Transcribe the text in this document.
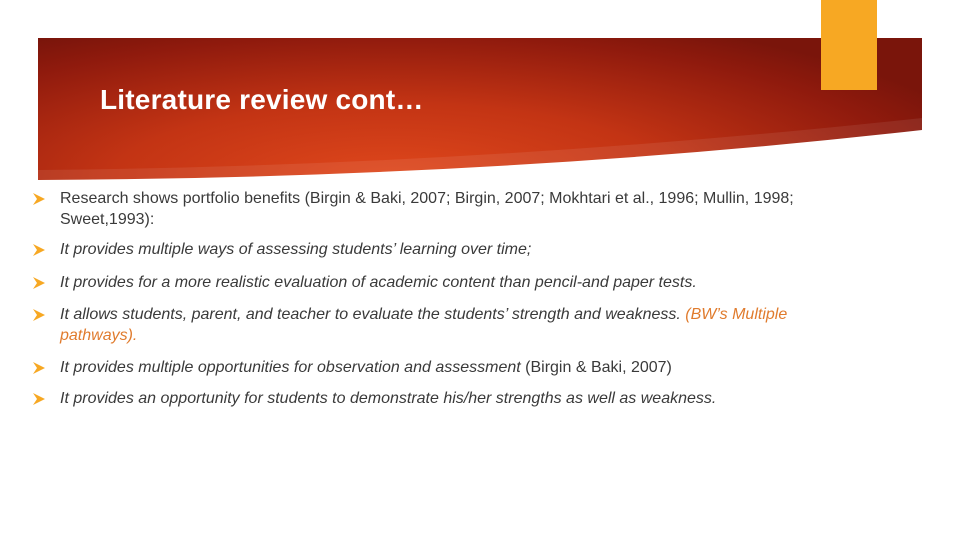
Literature review cont…
Research shows portfolio benefits (Birgin & Baki, 2007; Birgin, 2007; Mokhtari et al., 1996; Mullin, 1998;
Sweet,1993):
It provides multiple ways of assessing students’ learning over time;
It provides for a more realistic evaluation of academic content than pencil-and paper tests.
It allows students, parent, and teacher to evaluate the students’ strength and weakness. (BW’s Multiple
pathways).
It provides multiple opportunities for observation and assessment (Birgin & Baki, 2007)
It provides an opportunity for students to demonstrate his/her strengths as well as weakness.
